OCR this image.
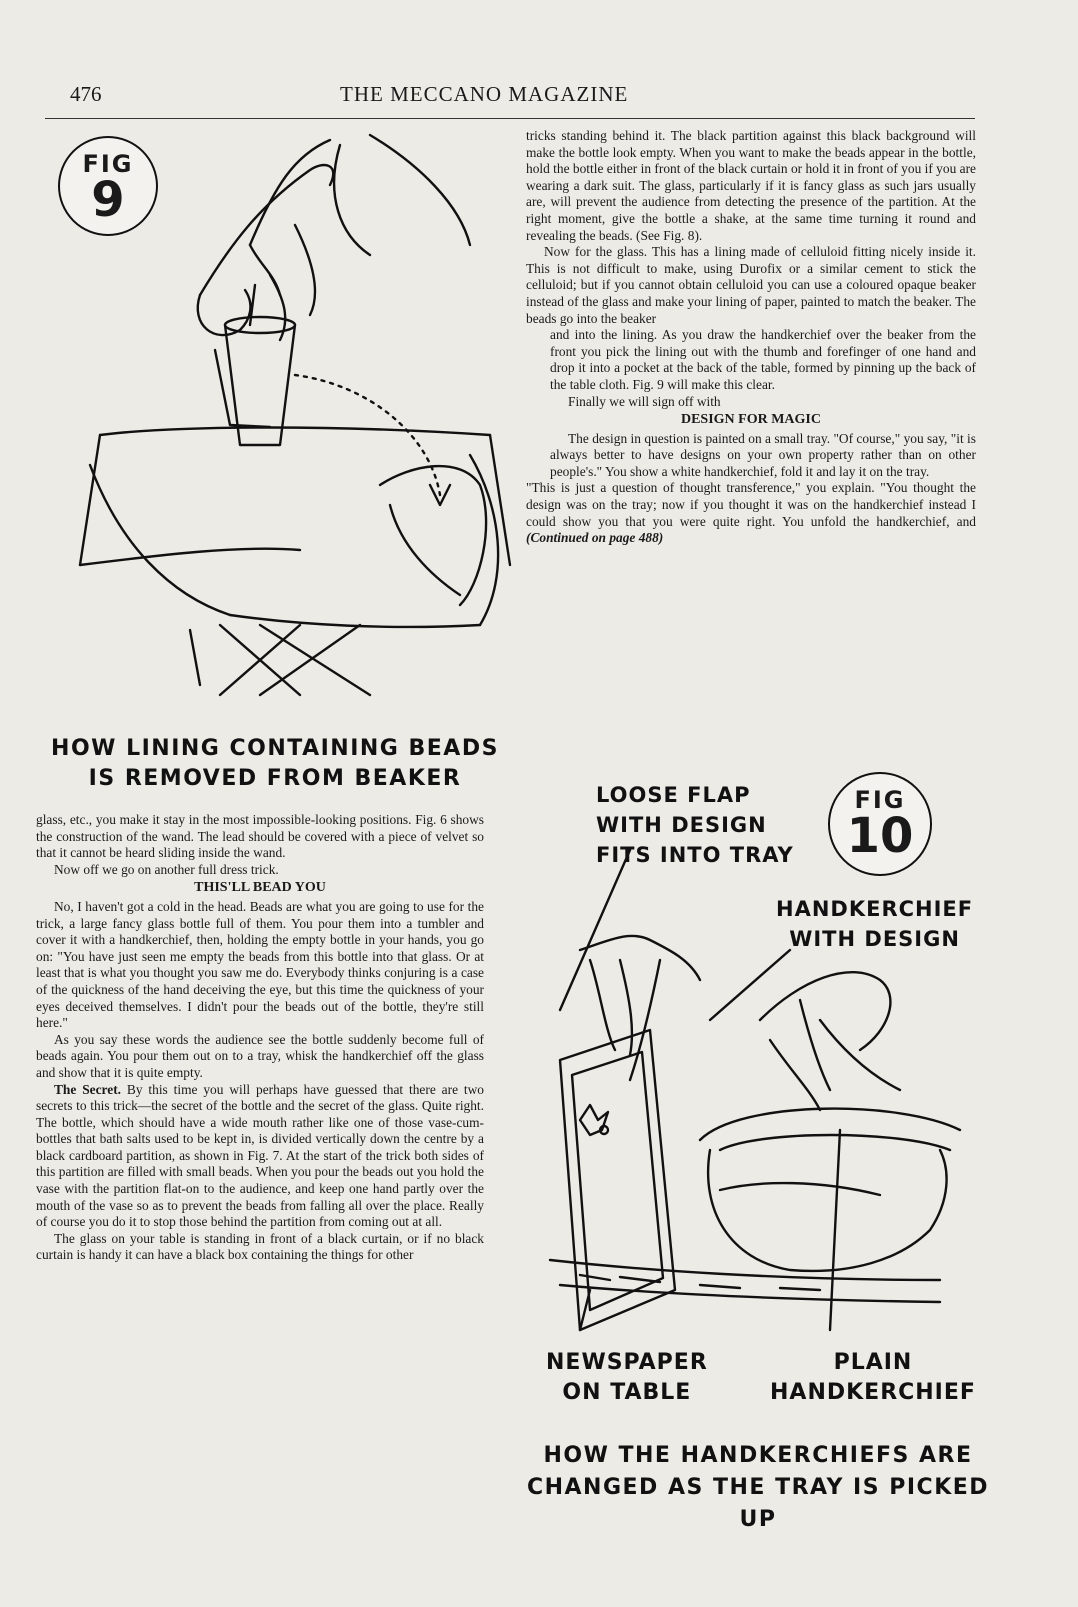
476	THE MECCANO MAGAZINE
FIG
9
HOW LINING CONTAINING BEADS
IS REMOVED FROM BEAKER

glass, etc., you make it stay in the most impossible-looking positions. Fig. 6 shows the construction of the wand. The lead should be covered with a piece of velvet so that it cannot be heard sliding inside the wand.

Now off we go on another full dress trick.

THIS'LL BEAD YOU

No, I haven't got a cold in the head. Beads are what you are going to use for the trick, a large fancy glass bottle full of them. You pour them into a tumbler and cover it with a handkerchief, then, holding the empty bottle in your hands, you go on: "You have just seen me empty the beads from this bottle into that glass. Or at least that is what you thought you saw me do. Everybody thinks conjuring is a case of the quickness of the hand deceiving the eye, but this time the quickness of your eyes deceived themselves. I didn't pour the beads out of the bottle, they're still here."

As you say these words the audience see the bottle suddenly become full of beads again. You pour them out on to a tray, whisk the handkerchief off the glass and show that it is quite empty.

The Secret. By this time you will perhaps have guessed that there are two secrets to this trick—the secret of the bottle and the secret of the glass. Quite right. The bottle, which should have a wide mouth rather like one of those vase-cum-bottles that bath salts used to be kept in, is divided vertically down the centre by a black cardboard partition, as shown in Fig. 7. At the start of the trick both sides of this partition are filled with small beads. When you pour the beads out you hold the vase with the partition flat-on to the audience, and keep one hand partly over the mouth of the vase so as to prevent the beads from falling all over the place. Really of course you do it to stop those behind the partition from coming out at all.

The glass on your table is standing in front of a black curtain, or if no black curtain is handy it can have a black box containing the things for other

tricks standing behind it. The black partition against this black background will make the bottle look empty. When you want to make the beads appear in the bottle, hold the bottle either in front of the black curtain or hold it in front of you if you are wearing a dark suit. The glass, particularly if it is fancy glass as such jars usually are, will prevent the audience from detecting the presence of the partition. At the right moment, give the bottle a shake, at the same time turning it round and revealing the beads. (See Fig. 8).

Now for the glass. This has a lining made of celluloid fitting nicely inside it. This is not difficult to make, using Durofix or a similar cement to stick the celluloid; but if you cannot obtain celluloid you can use a coloured opaque beaker instead of the glass and make your lining of paper, painted to match the beaker. The beads go into the beaker

and into the lining. As you draw the handkerchief over the beaker from the front you pick the lining out with the thumb and forefinger of one hand and drop it into a pocket at the back of the table, formed by pinning up the back of the table cloth. Fig. 9 will make this clear.

Finally we will sign off with

DESIGN FOR MAGIC

The design in question is painted on a small tray. "Of course," you say, "it is always better to have designs on your own property rather than on other people's." You show a white handkerchief, fold it and lay it on the tray.

"This is just a question of thought transference," you explain. "You thought the design was on the tray; now if you thought it was on the handkerchief instead I could show you that you were quite right. You unfold the handkerchief, and (Continued on page 488)

LOOSE FLAP
WITH DESIGN
FITS INTO TRAY
FIG
10
HANDKERCHIEF
WITH DESIGN
NEWSPAPER
ON TABLE
PLAIN
HANDKERCHIEF
HOW THE HANDKERCHIEFS ARE
CHANGED AS THE TRAY IS PICKED UP
